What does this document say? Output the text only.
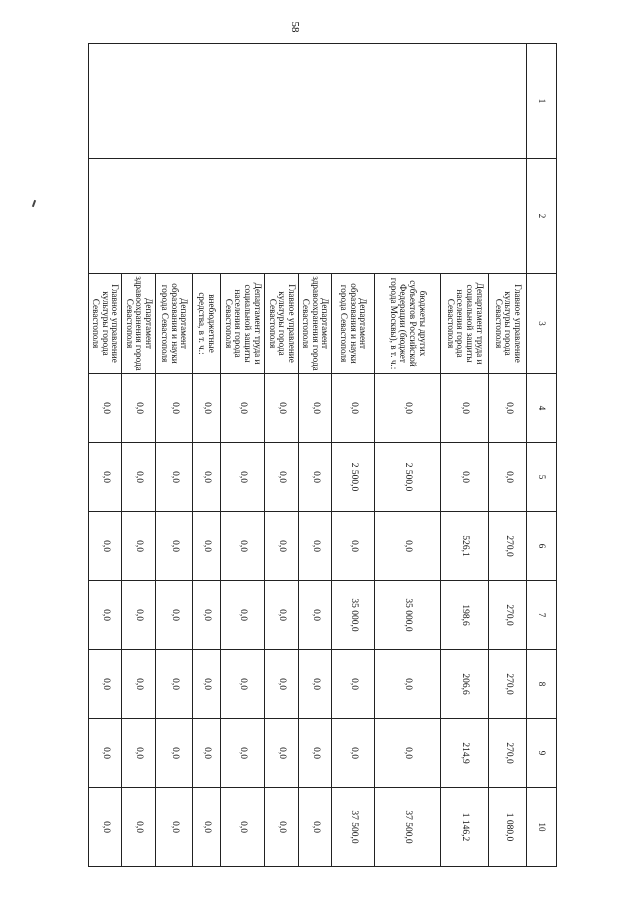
58
1	2	3	4	5	6	7	8	9	10
		Главное управление культуры города Севастополя	0,0	0,0	270,0	270,0	270,0	270,0	1 080,0
		Департамент труда и социальной защиты населения города Севастополя	0,0	0,0	526,1	198,6	206,6	214,9	1 146,2
		бюджеты других субъектов Российской Федерации (бюджет города Москвы), в т. ч.:	0,0	2 500,0	0,0	35 000,0	0,0	0,0	37 500,0
		Департамент образования и науки города Севастополя	0,0	2 500,0	0,0	35 000,0	0,0	0,0	37 500,0
		Департамент здравоохранения города Севастополя	0,0	0,0	0,0	0,0	0,0	0,0	0,0
		Главное управление культуры города Севастополя	0,0	0,0	0,0	0,0	0,0	0,0	0,0
		Департамент труда и социальной защиты населения города Севастополя	0,0	0,0	0,0	0,0	0,0	0,0	0,0
		внебюджетные средства, в т. ч.:	0,0	0,0	0,0	0,0	0,0	0,0	0,0
		Департамент образования и науки города Севастополя	0,0	0,0	0,0	0,0	0,0	0,0	0,0
		Департамент здравоохранения города Севастополя	0,0	0,0	0,0	0,0	0,0	0,0	0,0
		Главное управление культуры города Севастополя	0,0	0,0	0,0	0,0	0,0	0,0	0,0
